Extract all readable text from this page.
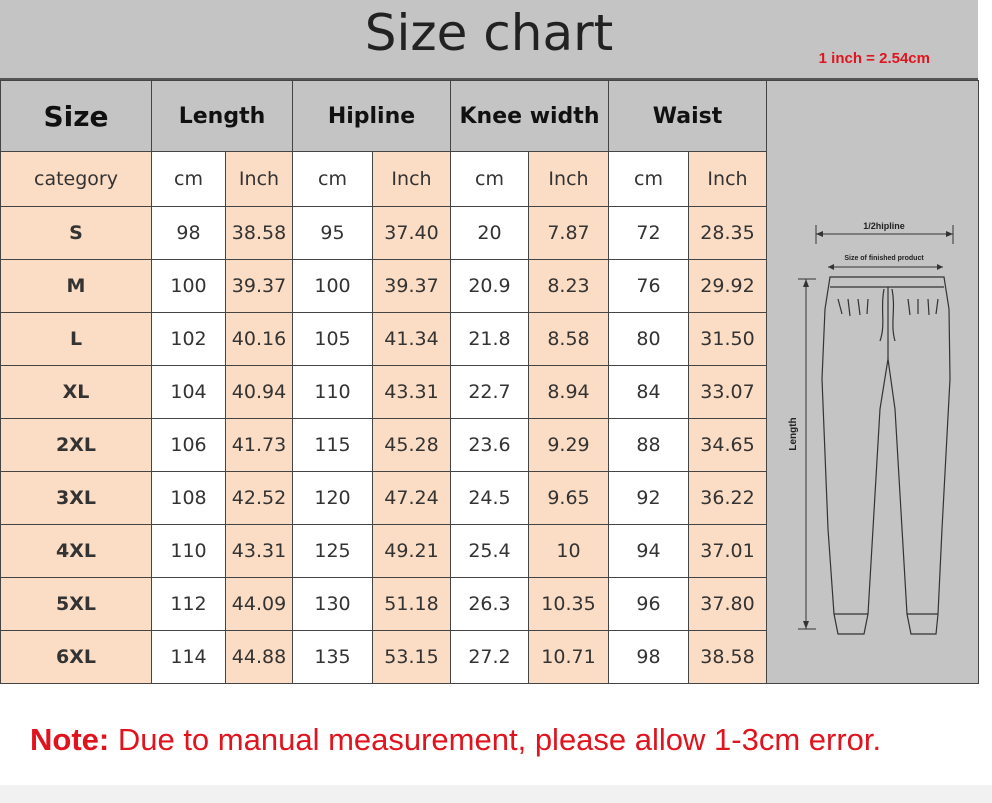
Size chart	1 inch = 2.54cm
Size	Length		Hipline		Knee width		Waist		1/2hipline
Size of finished product
Length

category	cm	Inch	cm	Inch	cm	Inch	cm	Inch	
S	98	38.58	95	37.40	20	7.87	72	28.35	
M	100	39.37	100	39.37	20.9	8.23	76	29.92	
L	102	40.16	105	41.34	21.8	8.58	80	31.50	
XL	104	40.94	110	43.31	22.7	8.94	84	33.07	
2XL	106	41.73	115	45.28	23.6	9.29	88	34.65	
3XL	108	42.52	120	47.24	24.5	9.65	92	36.22	
4XL	110	43.31	125	49.21	25.4	10	94	37.01	
5XL	112	44.09	130	51.18	26.3	10.35	96	37.80	
6XL	114	44.88	135	53.15	27.2	10.71	98	38.58	
Note: Due to manual measurement, please allow 1-3cm error.
